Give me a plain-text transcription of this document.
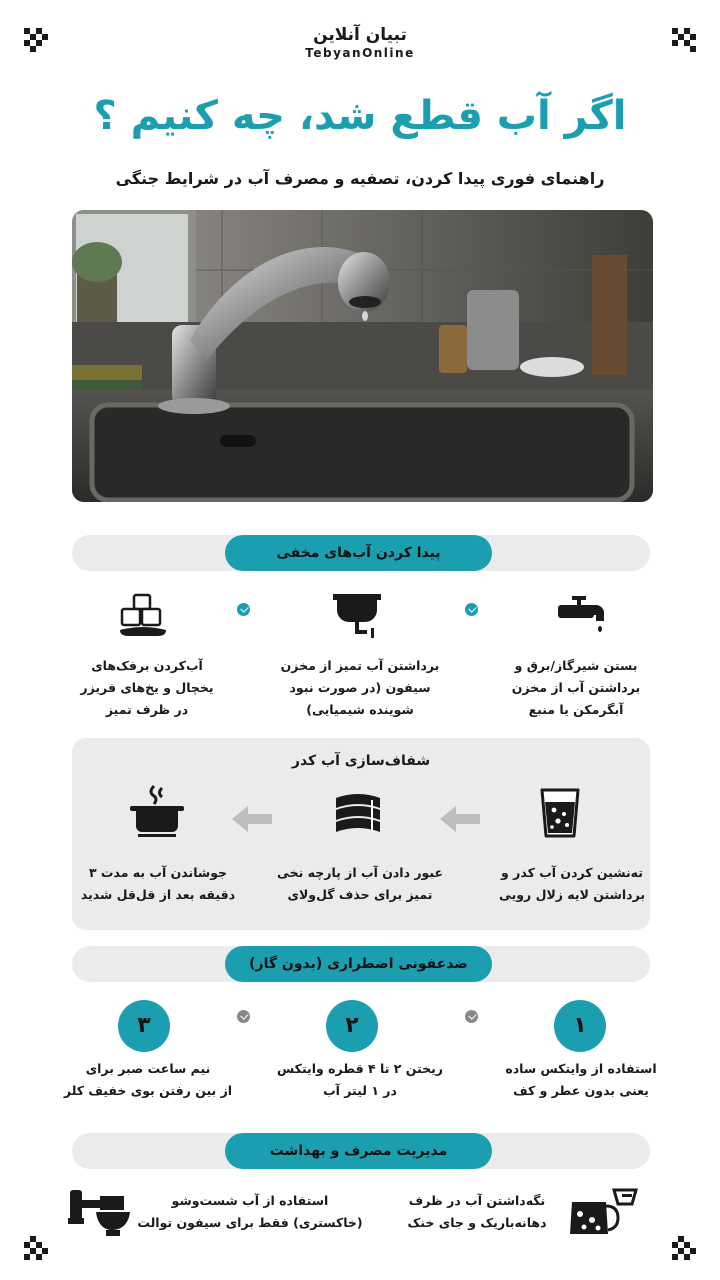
تبیان آنلاین
TebyanOnline
اگر آب قطع شد، چه کنیم ؟
راهنمای فوری پیدا کردن، تصفیه و مصرف آب در شرایط جنگی
پیدا کردن آب‌های مخفی
بستن شیرگاز/برق و
برداشتن آب از مخزن
آبگرمکن یا منبع
برداشتن آب تمیز از مخزن
سیفون (در صورت نبود
شوینده شیمیایی)
آب‌کردن برفک‌های
یخچال و یخ‌های فریزر
در ظرف تمیز
شفاف‌سازی آب کدر
ته‌نشین کردن آب کدر و
برداشتن لایه زلال رویی
عبور دادن آب از پارچه نخی
تمیز برای حذف گل‌ولای
جوشاندن آب به مدت ۳
دقیقه بعد از قل‌قل شدید
ضدعفونی اضطراری (بدون گاز)
۱
۲
۳
استفاده از وایتکس ساده
یعنی بدون عطر و کف
ریختن ۲ تا ۴ قطره وایتکس
در ۱ لیتر آب
نیم ساعت صبر برای
از بین رفتن بوی خفیف کلر
مدیریت مصرف و بهداشت
نگه‌داشتن آب در ظرف
دهانه‌باریک و جای خنک
استفاده از آب شست‌وشو
(خاکستری) فقط برای سیفون توالت
